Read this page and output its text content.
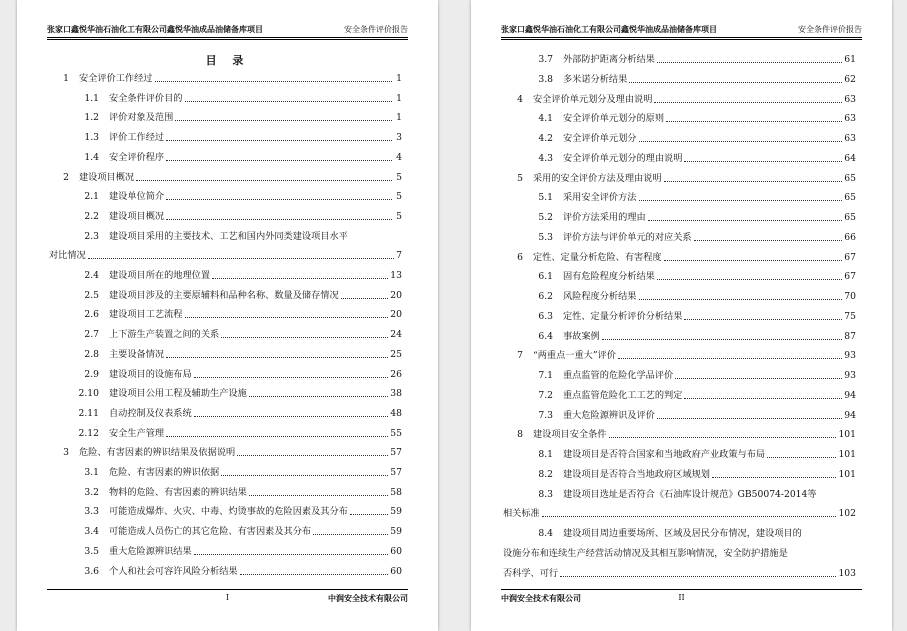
张家口鑫悦华油石油化工有限公司鑫悦华油成品油储备库项目	安全条件评价报告
目 录
1 安全评价工作经过	1
1.1 安全条件评价目的	1
1.2 评价对象及范围	1
1.3 评价工作经过	3
1.4 安全评价程序	4
2 建设项目概况	5
2.1 建设单位简介	5
2.2 建设项目概况	5
2.3 建设项目采用的主要技术、工艺和国内外同类建设项目水平
对比情况	7
2.4 建设项目所在的地理位置	13
2.5 建设项目涉及的主要原辅料和品种名称、数量及储存情况	20
2.6 建设项目工艺流程	20
2.7 上下游生产装置之间的关系	24
2.8 主要设备情况	25
2.9 建设项目的设施布局	26
2.10 建设项目公用工程及辅助生产设施	38
2.11 自动控制及仪表系统	48
2.12 安全生产管理	55
3 危险、有害因素的辨识结果及依据说明	57
3.1 危险、有害因素的辨识依据	57
3.2 物料的危险、有害因素的辨识结果	58
3.3 可能造成爆炸、火灾、中毒、灼烫事故的危险因素及其分布	59
3.4 可能造成人员伤亡的其它危险、有害因素及其分布	59
3.5 重大危险源辨识结果	60
3.6 个人和社会可容许风险分析结果	60
I	中润安全技术有限公司
张家口鑫悦华油石油化工有限公司鑫悦华油成品油储备库项目	安全条件评价报告
3.7 外部防护距离分析结果	61
3.8 多米诺分析结果	62
4 安全评价单元划分及理由说明	63
4.1 安全评价单元划分的原则	63
4.2 安全评价单元划分	63
4.3 安全评价单元划分的理由说明	64
5 采用的安全评价方法及理由说明	65
5.1 采用安全评价方法	65
5.2 评价方法采用的理由	65
5.3 评价方法与评价单元的对应关系	66
6 定性、定量分析危险、有害程度	67
6.1 固有危险程度分析结果	67
6.2 风险程度分析结果	70
6.3 定性、定量分析评价分析结果	75
6.4 事故案例	87
7 “两重点一重大”评价	93
7.1 重点监管的危险化学品评价	93
7.2 重点监管危险化工工艺的判定	94
7.3 重大危险源辨识及评价	94
8 建设项目安全条件	101
8.1 建设项目是否符合国家和当地政府产业政策与布局	101
8.2 建设项目是否符合当地政府区域规划	101
8.3 建设项目选址是否符合《石油库设计规范》GB50074-2014等
相关标准	102
8.4 建设项目周边重要场所、区域及居民分布情况，建设项目的
设施分布和连续生产经营活动情况及其相互影响情况，安全防护措施是
否科学、可行	103
中润安全技术有限公司	II
